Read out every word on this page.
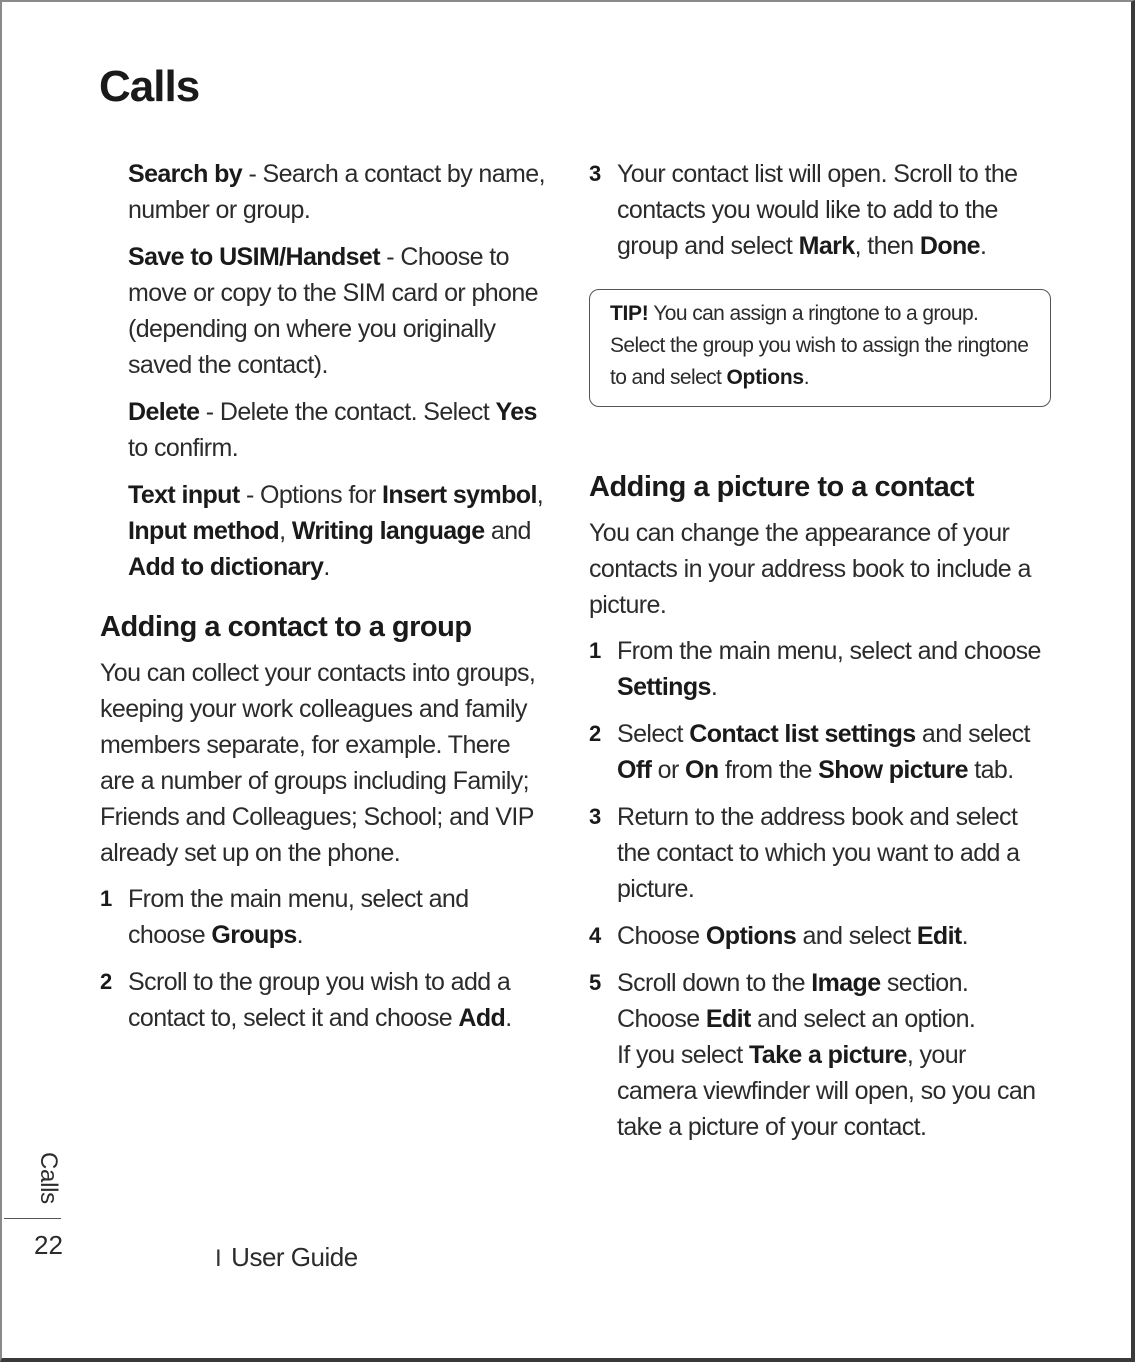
Calls
Search by - Search a contact by name, number or group.
Save to USIM/Handset - Choose to move or copy to the SIM card or phone (depending on where you originally saved the contact).
Delete - Delete the contact. Select Yes to confirm.
Text input - Options for Insert symbol, Input method, Writing language and Add to dictionary.
Adding a contact to a group

You can collect your contacts into groups, keeping your work colleagues and family members separate, for example. There are a number of groups including Family; Friends and Colleagues; School; and VIP already set up on the phone.

1 From the main menu, select and choose Groups.
2 Scroll to the group you wish to add a contact to, select it and choose Add.
3 Your contact list will open. Scroll to the contacts you would like to add to the group and select Mark, then Done.
TIP! You can assign a ringtone to a group. Select the group you wish to assign the ringtone to and select Options.
Adding a picture to a contact

You can change the appearance of your contacts in your address book to include a picture.

1 From the main menu, select and choose Settings.
2 Select Contact list settings and select Off or On from the Show picture tab.
3 Return to the address book and select the contact to which you want to add a picture.
4 Choose Options and select Edit.
5 Scroll down to the Image section.
Choose Edit and select an option.
If you select Take a picture, your camera viewfinder will open, so you can take a picture of your contact.
Calls
22	I User Guide
